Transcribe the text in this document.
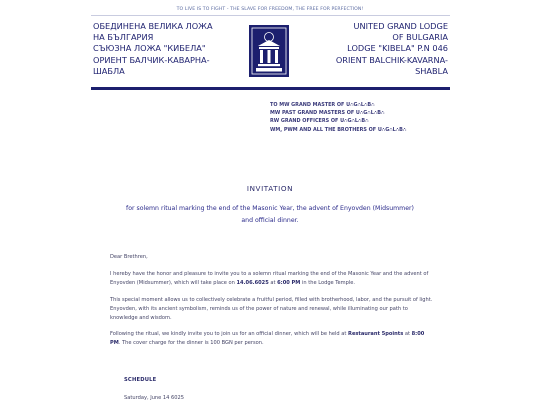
TO LIVE IS TO FIGHT - THE SLAVE FOR FREEDOM, THE FREE FOR PERFECTION!
ОБЕДИНЕНА ВЕЛИКА ЛОЖА
НА БЪЛГАРИЯ
СЪЮЗНА ЛОЖА "КИБЕЛА"
ОРИЕНТ БАЛЧИК-КАВАРНА-
ШАБЛА
UNITED GRAND LODGE
OF BULGARIA
LODGE "KIBELA" P.N 046
ORIENT BALCHIK-KAVARNA-
SHABLA
TO MW GRAND MASTER OF U∴G∴L∴B∴
MW PAST GRAND MASTERS OF U∴G∴L∴B∴
RW GRAND OFFICERS OF U∴G∴L∴B∴
WM, PWM AND ALL THE BROTHERS OF U∴G∴L∴B∴
INVITATION
for solemn ritual marking the end of the Masonic Year, the advent of Enyovden (Midsummer)
and official dinner.

Dear Brethren,

I hereby have the honor and pleasure to invite you to a solemn ritual marking the end of the Masonic Year and the advent of Enyovden (Midsummer), which will take place on 14.06.6025 at 6:00 PM in the Lodge Temple.

This special moment allows us to collectively celebrate a fruitful period, filled with brotherhood, labor, and the pursuit of light. Enyovden, with its ancient symbolism, reminds us of the power of nature and renewal, while illuminating our path to knowledge and wisdom.

Following the ritual, we kindly invite you to join us for an official dinner, which will be held at Restaurant 5points at 8:00 PM. The cover charge for the dinner is 100 BGN per person.

SCHEDULE
Saturday, June 14 6025
